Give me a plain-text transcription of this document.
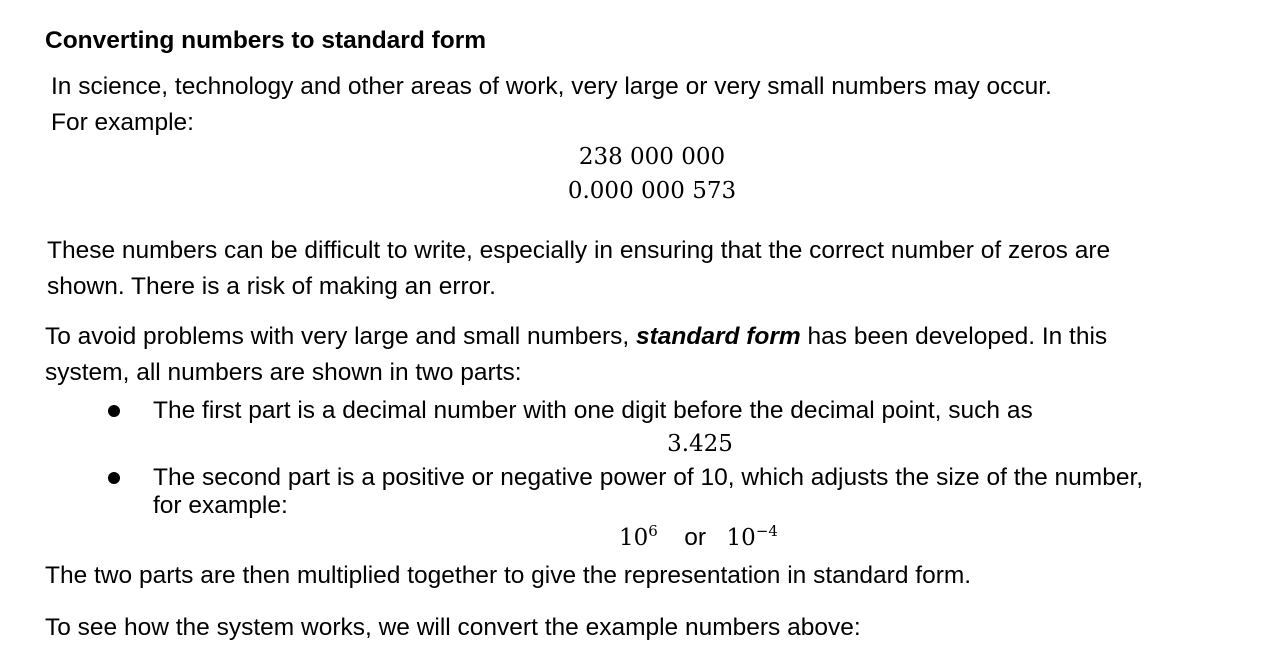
Converting numbers to standard form
In science, technology and other areas of work, very large or very small numbers may occur.
For example:
238 000 000
0.000 000 573
These numbers can be difficult to write, especially in ensuring that the correct number of zeros are
shown. There is a risk of making an error.
To avoid problems with very large and small numbers, standard form has been developed. In this
system, all numbers are shown in two parts:
The first part is a decimal number with one digit before the decimal point, such as
3.425
The second part is a positive or negative power of 10, which adjusts the size of the number,
for example:
$10^6$ or $10^{-4}$
The two parts are then multiplied together to give the representation in standard form.
To see how the system works, we will convert the example numbers above:
